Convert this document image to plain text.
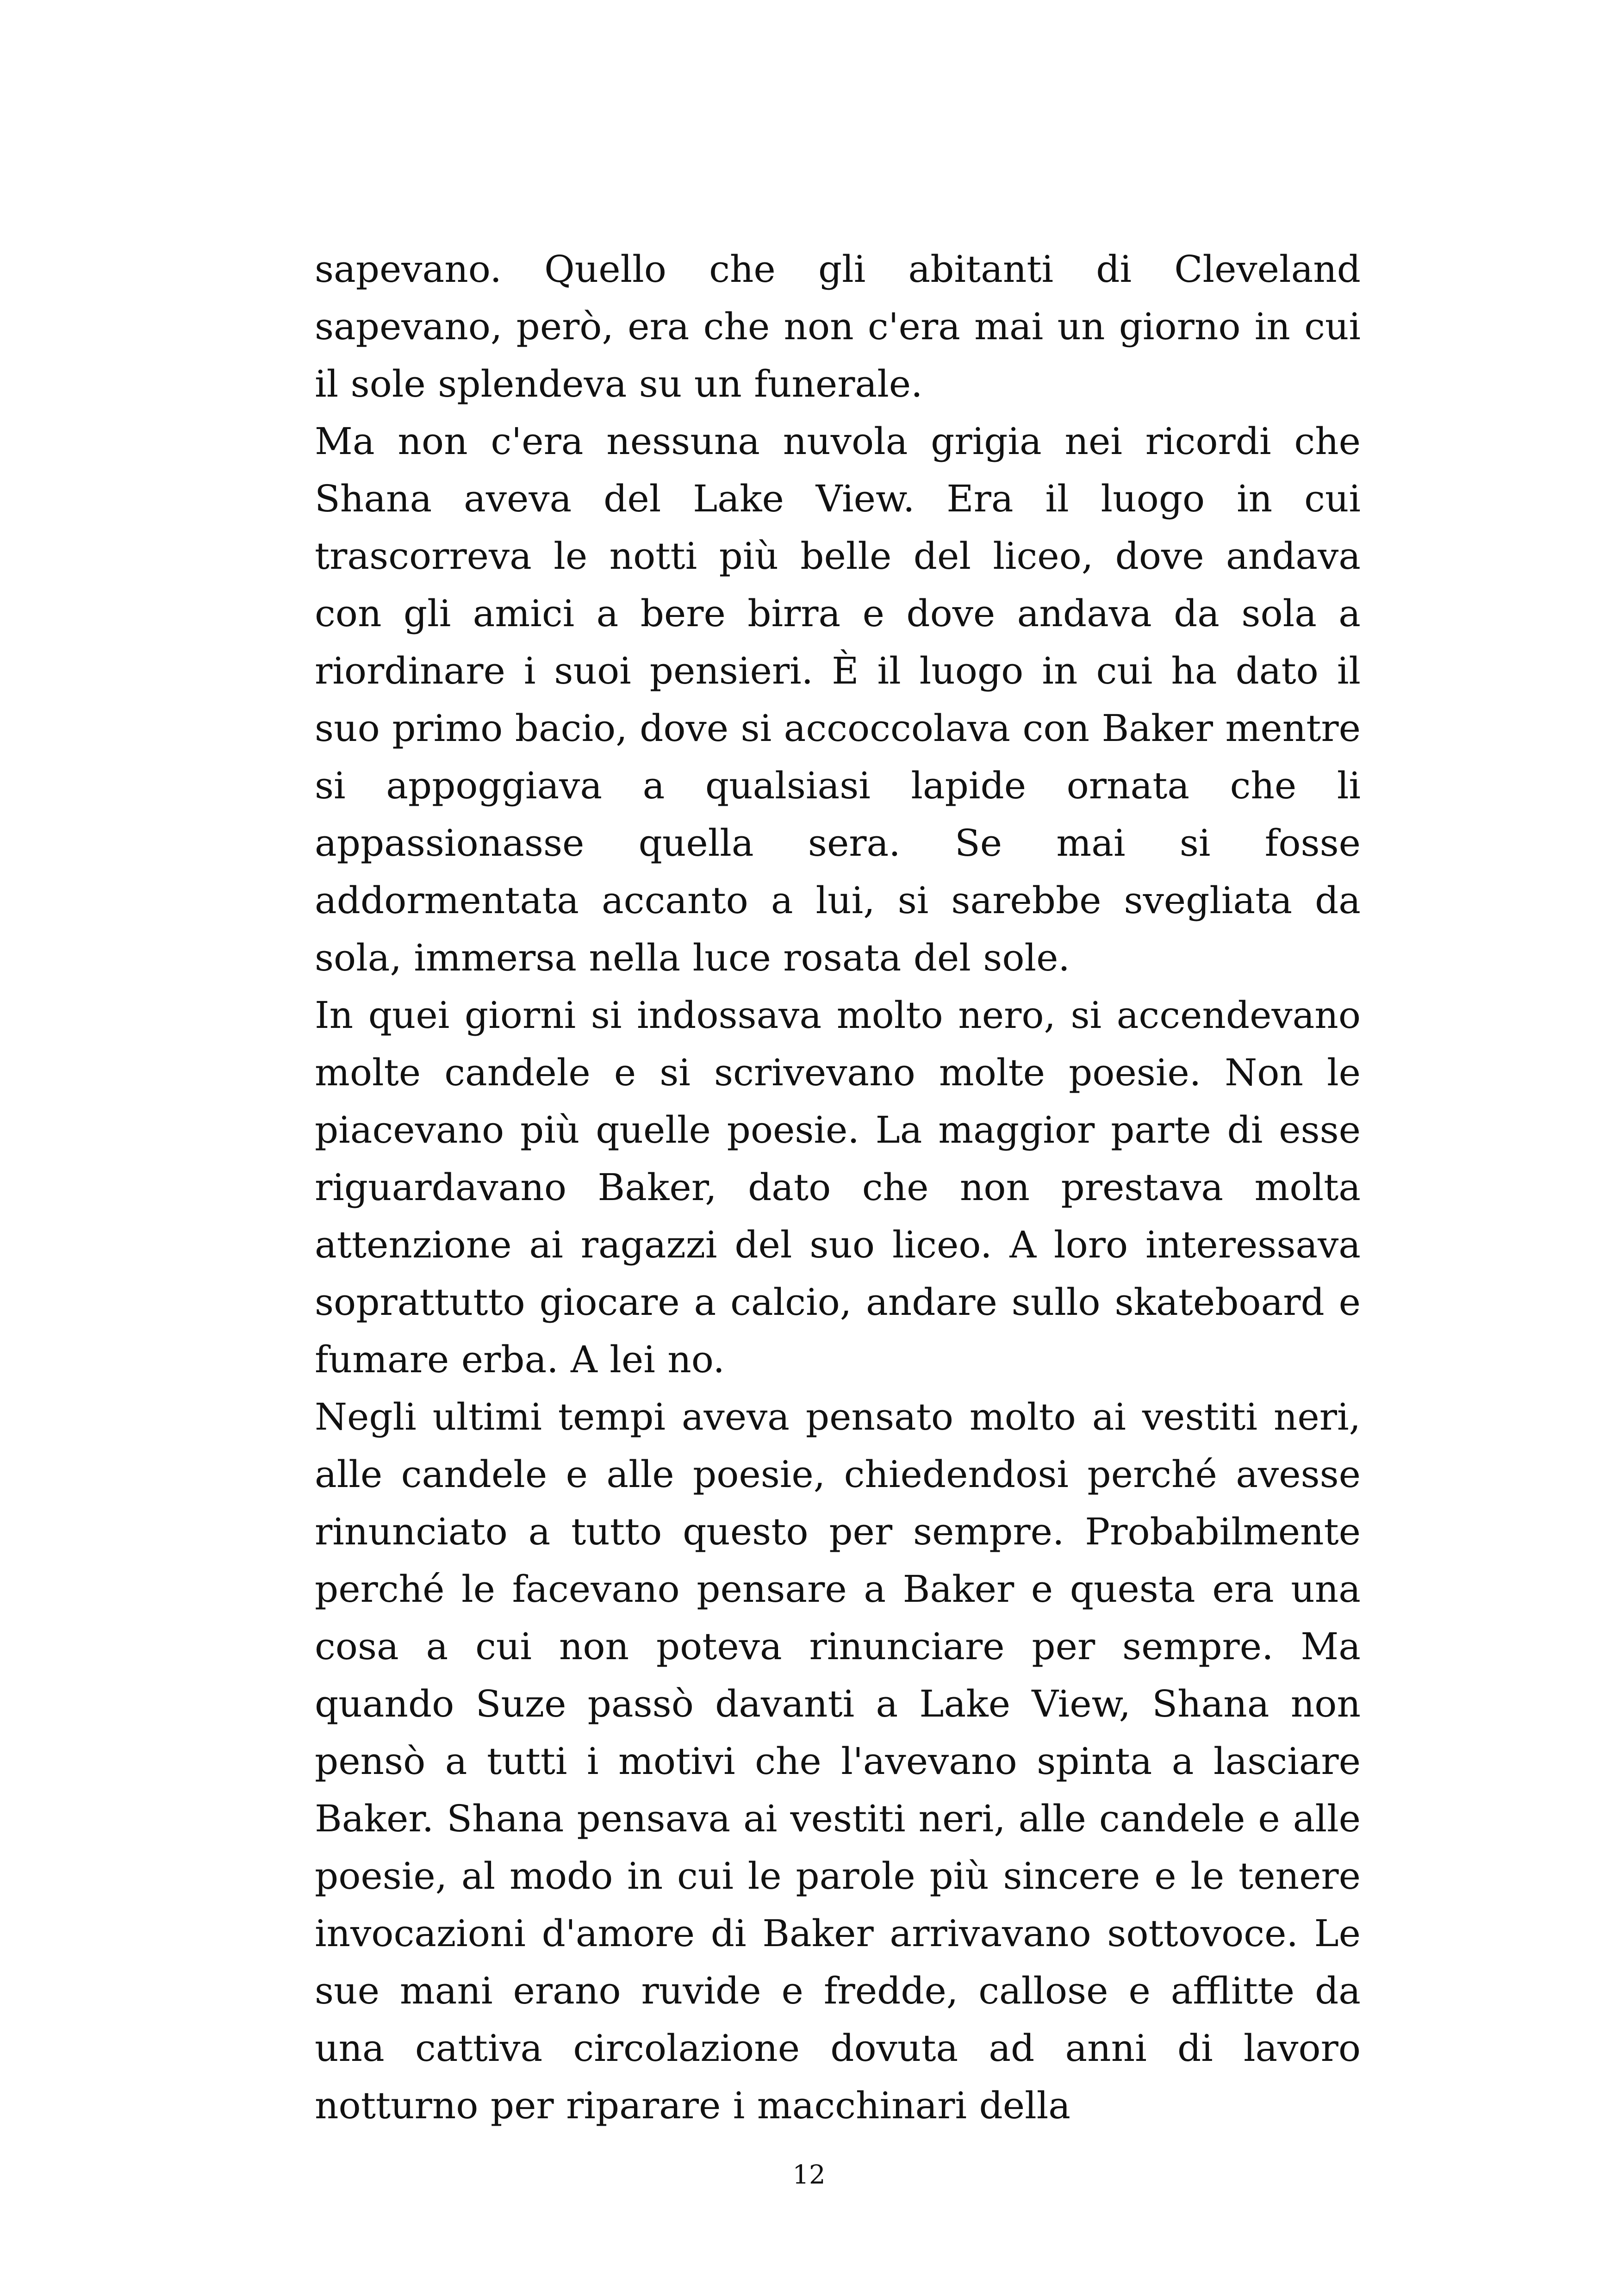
sapevano. Quello che gli abitanti di Cleveland sapevano, però, era che non c'era mai un giorno in cui il sole splendeva su un funerale.

Ma non c'era nessuna nuvola grigia nei ricordi che Shana aveva del Lake View. Era il luogo in cui trascorreva le notti più belle del liceo, dove andava con gli amici a bere birra e dove andava da sola a riordinare i suoi pensieri. È il luogo in cui ha dato il suo primo bacio, dove si accoccolava con Baker mentre si appoggiava a qualsiasi lapide ornata che li appassionasse quella sera. Se mai si fosse addormentata accanto a lui, si sarebbe svegliata da sola, immersa nella luce rosata del sole.

In quei giorni si indossava molto nero, si accendevano molte candele e si scrivevano molte poesie. Non le piacevano più quelle poesie. La maggior parte di esse riguardavano Baker, dato che non prestava molta attenzione ai ragazzi del suo liceo. A loro interessava soprattutto giocare a calcio, andare sullo skateboard e fumare erba. A lei no.

Negli ultimi tempi aveva pensato molto ai vestiti neri, alle candele e alle poesie, chiedendosi perché avesse rinunciato a tutto questo per sempre. Probabilmente perché le facevano pensare a Baker e questa era una cosa a cui non poteva rinunciare per sempre. Ma quando Suze passò davanti a Lake View, Shana non pensò a tutti i motivi che l'avevano spinta a lasciare Baker. Shana pensava ai vestiti neri, alle candele e alle poesie, al modo in cui le parole più sincere e le tenere invocazioni d'amore di Baker arrivavano sottovoce. Le sue mani erano ruvide e fredde, callose e afflitte da una cattiva circolazione dovuta ad anni di lavoro notturno per riparare i macchinari della

12
